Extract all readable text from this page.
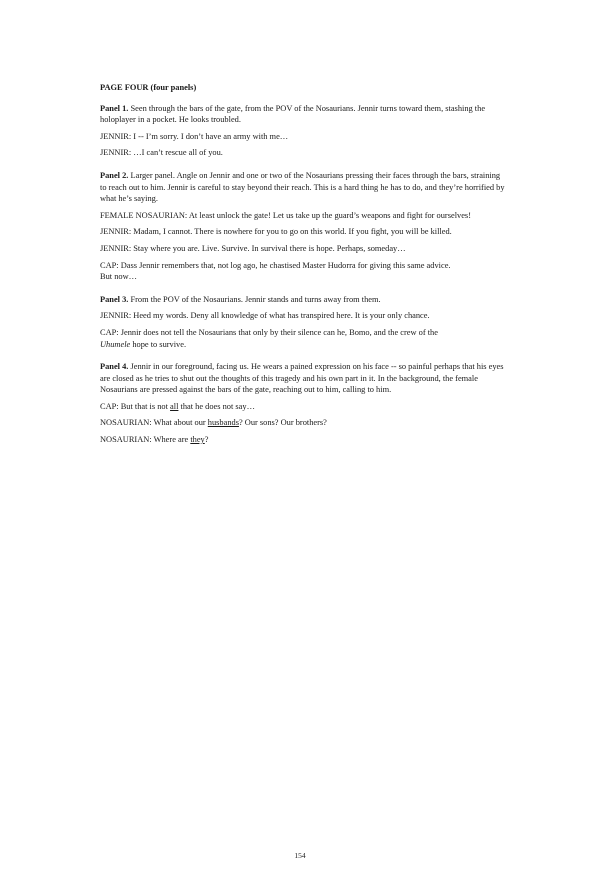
PAGE FOUR (four panels)

Panel 1. Seen through the bars of the gate, from the POV of the Nosaurians. Jennir turns toward them, stashing the holoplayer in a pocket. He looks troubled.

JENNIR: I -- I’m sorry. I don’t have an army with me…

JENNIR: …I can’t rescue all of you.

Panel 2. Larger panel. Angle on Jennir and one or two of the Nosaurians pressing their faces through the bars, straining to reach out to him. Jennir is careful to stay beyond their reach. This is a hard thing he has to do, and they’re horrified by what he’s saying.

FEMALE NOSAURIAN: At least unlock the gate! Let us take up the guard’s weapons and fight for ourselves!

JENNIR: Madam, I cannot. There is nowhere for you to go on this world. If you fight, you will be killed.

JENNIR: Stay where you are. Live. Survive. In survival there is hope. Perhaps, someday…

CAP: Dass Jennir remembers that, not log ago, he chastised Master Hudorra for giving this same advice.
But now…

Panel 3. From the POV of the Nosaurians. Jennir stands and turns away from them.

JENNIR: Heed my words. Deny all knowledge of what has transpired here. It is your only chance.

CAP: Jennir does not tell the Nosaurians that only by their silence can he, Bomo, and the crew of the
Uhumele hope to survive.

Panel 4. Jennir in our foreground, facing us. He wears a pained expression on his face -- so painful perhaps that his eyes are closed as he tries to shut out the thoughts of this tragedy and his own part in it. In the background, the female Nosaurians are pressed against the bars of the gate, reaching out to him, calling to him.

CAP: But that is not all that he does not say…

NOSAURIAN: What about our husbands? Our sons? Our brothers?

NOSAURIAN: Where are they?

154
